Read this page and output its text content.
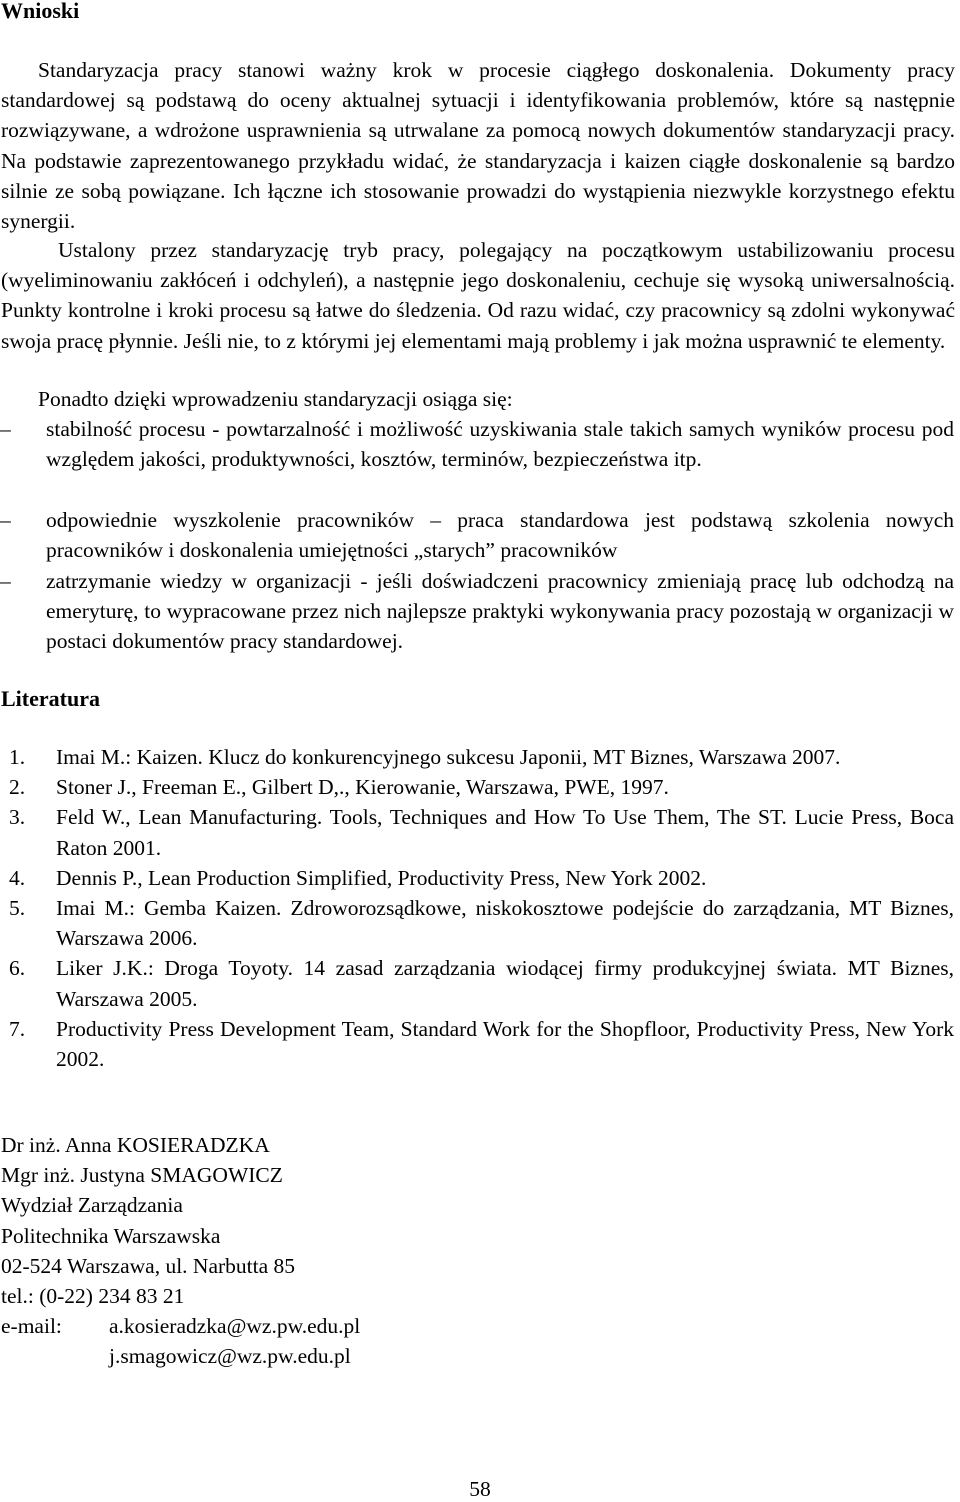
Wnioski

Standaryzacja pracy stanowi ważny krok w procesie ciągłego doskonalenia. Dokumenty pracy standardowej są podstawą do oceny aktualnej sytuacji i identyfikowania problemów, które są następnie rozwiązywane, a wdrożone usprawnienia są utrwalane za pomocą nowych dokumentów standaryzacji pracy. Na podstawie zaprezentowanego przykładu widać, że standaryzacja i kaizen ciągłe doskonalenie są bardzo silnie ze sobą powiązane. Ich łączne ich stosowanie prowadzi do wystąpienia niezwykle korzystnego efektu synergii.

Ustalony przez standaryzację tryb pracy, polegający na początkowym ustabilizowaniu procesu (wyeliminowaniu zakłóceń i odchyleń), a następnie jego doskonaleniu, cechuje się wysoką uniwersalnością. Punkty kontrolne i kroki procesu są łatwe do śledzenia. Od razu widać, czy pracownicy są zdolni wykonywać swoja pracę płynnie. Jeśli nie, to z którymi jej elementami mają problemy i jak można usprawnić te elementy.

Ponadto dzięki wprowadzeniu standaryzacji osiąga się:

–	stabilność procesu - powtarzalność i możliwość uzyskiwania stale takich samych wyników procesu pod względem jakości, produktywności, kosztów, terminów, bezpieczeństwa itp.

–	odpowiednie wyszkolenie pracowników – praca standardowa jest podstawą szkolenia nowych pracowników i doskonalenia umiejętności „starych” pracowników

–	zatrzymanie wiedzy w organizacji - jeśli doświadczeni pracownicy zmieniają pracę lub odchodzą na emeryturę, to wypracowane przez nich najlepsze praktyki wykonywania pracy pozostają w organizacji w postaci dokumentów pracy standardowej.

Literatura
1. Imai M.: Kaizen. Klucz do konkurencyjnego sukcesu Japonii, MT Biznes, Warszawa 2007.
2. Stoner J., Freeman E., Gilbert D,., Kierowanie, Warszawa, PWE, 1997.
3. Feld W., Lean Manufacturing. Tools, Techniques and How To Use Them, The ST. Lucie Press, Boca Raton 2001.
4. Dennis P., Lean Production Simplified, Productivity Press, New York 2002.
5. Imai M.: Gemba Kaizen. Zdroworozsądkowe, niskokosztowe podejście do zarządzania, MT Biznes, Warszawa 2006.
6. Liker J.K.: Droga Toyoty. 14 zasad zarządzania wiodącej firmy produkcyjnej świata. MT Biznes, Warszawa 2005.
7. Productivity Press Development Team, Standard Work for the Shopfloor, Productivity Press, New York 2002.
Dr inż. Anna KOSIERADZKA
Mgr inż. Justyna SMAGOWICZ
Wydział Zarządzania
Politechnika Warszawska
02-524 Warszawa, ul. Narbutta 85
tel.: (0-22) 234 83 21
e-mail: a.kosieradzka@wz.pw.edu.pl
j.smagowicz@wz.pw.edu.pl
58
